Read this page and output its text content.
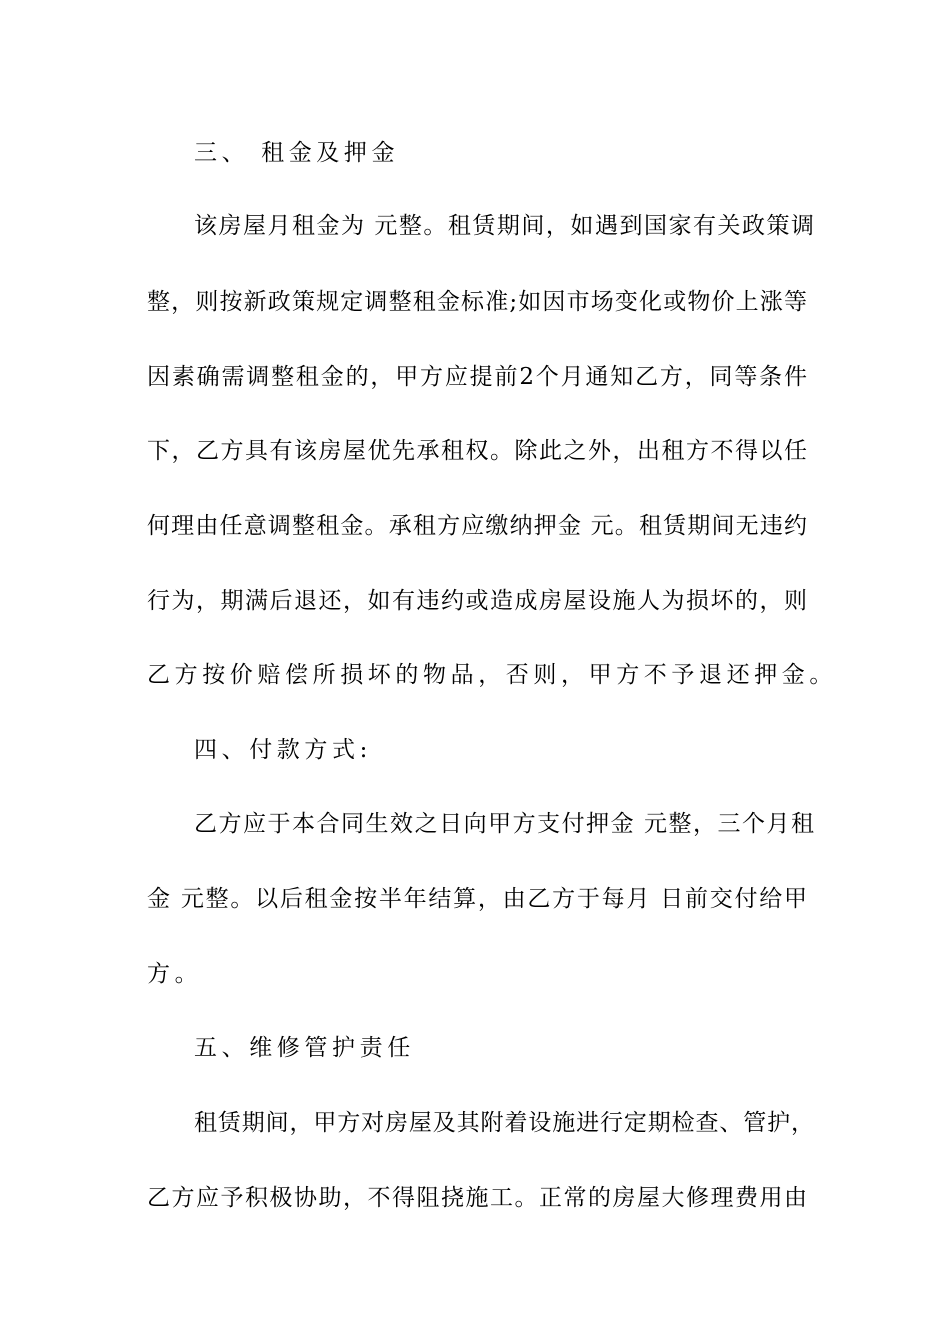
三、 租金及押金
该房屋月租金为 元整。租赁期间，如遇到国家有关政策调
整，则按新政策规定调整租金标准;如因市场变化或物价上涨等
因素确需调整租金的，甲方应提前2个月通知乙方，同等条件
下，乙方具有该房屋优先承租权。除此之外，出租方不得以任
何理由任意调整租金。承租方应缴纳押金 元。租赁期间无违约
行为，期满后退还，如有违约或造成房屋设施人为损坏的，则
乙方按价赔偿所损坏的物品，否则，甲方不予退还押金。
四、付款方式:
乙方应于本合同生效之日向甲方支付押金 元整，三个月租
金 元整。以后租金按半年结算，由乙方于每月 日前交付给甲
方。
五、维修管护责任
租赁期间，甲方对房屋及其附着设施进行定期检查、管护，
乙方应予积极协助，不得阻挠施工。正常的房屋大修理费用由
